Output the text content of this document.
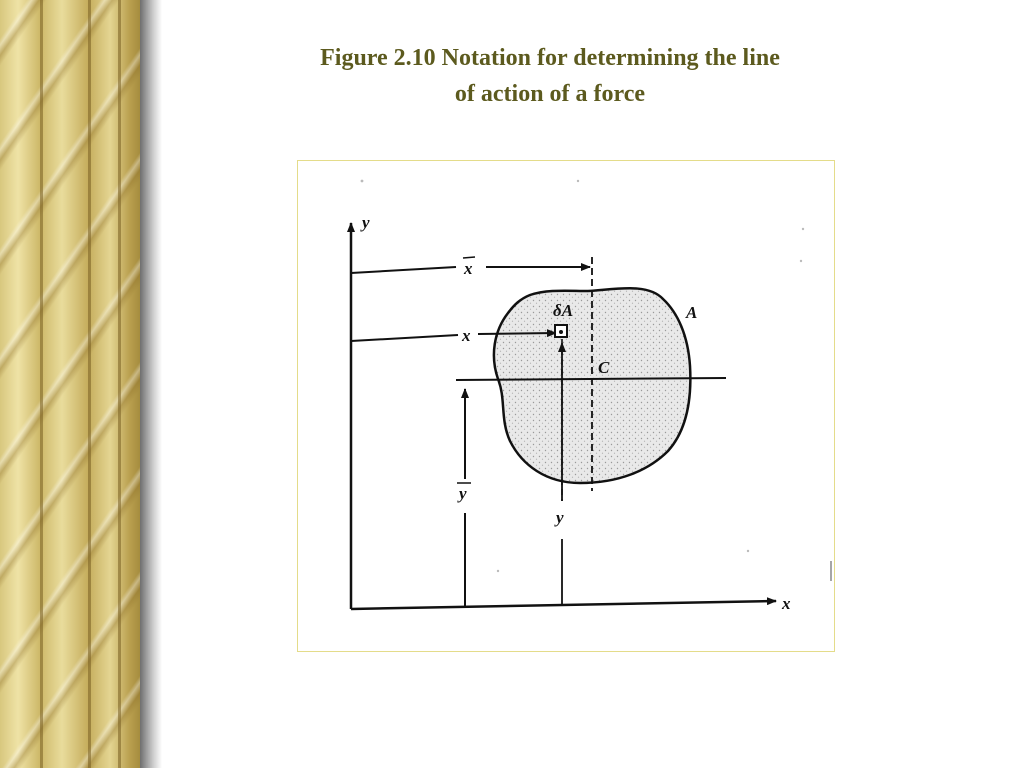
Figure 2.10 Notation for determining the line
of action of a force
y
x
x
x
δA	A
C
y
y
